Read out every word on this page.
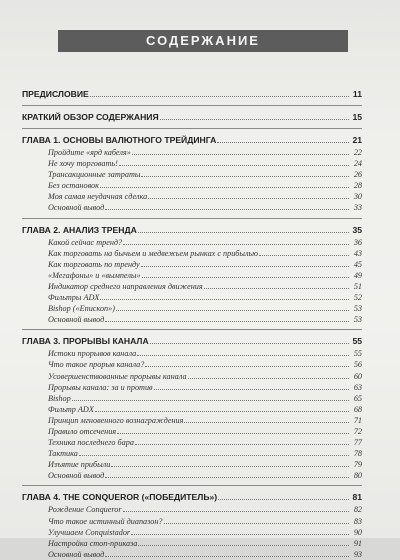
СОДЕРЖАНИЕ
ПРЕДИСЛОВИЕ	11
КРАТКИЙ ОБЗОР СОДЕРЖАНИЯ	15
ГЛАВА 1. ОСНОВЫ ВАЛЮТНОГО ТРЕЙДИНГА	21
Пройдите «ярд кабеля»	22
Не хочу торговать!	24
Трансакционные затраты	26
Без остановок	28
Моя самая неудачная сделка	30
Основной вывод	33
ГЛАВА 2. АНАЛИЗ ТРЕНДА	35
Какой сейчас тренд?	36
Как торговать на бычьем и медвежьем рынках с прибылью	43
Как торговать по тренду	45
«Мегафоны» и «вымпелы»	49
Индикатор среднего направления движения	51
Фильтры ADX	52
Bishop («Епископ»)	53
Основной вывод	53
ГЛАВА 3. ПРОРЫВЫ КАНАЛА	55
Истоки прорывов канала	55
Что такое прорыв канала?	56
Усовершенствованные прорывы канала	60
Прорывы канала: за и против	63
Bishop	65
Фильтр ADX	68
Принцип мгновенного вознаграждения	71
Правило отсечения	72
Техника последнего бара	77
Тактика	78
Изъятие прибыли	79
Основной вывод	80
ГЛАВА 4. THE CONQUEROR («ПОБЕДИТЕЛЬ»)	81
Рождение Conqueror	82
Что такое истинный диапазон?	83
Улучшаем Conquistador	90
Настройка стоп-приказа	91
Основной вывод	93
